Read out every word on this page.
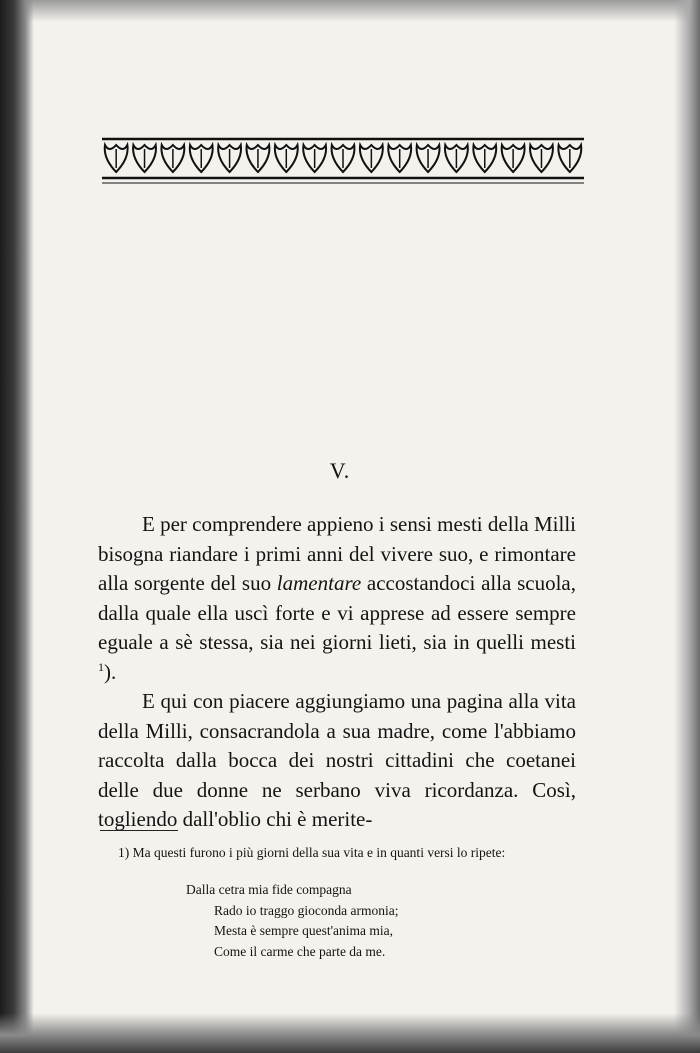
V.

E per comprendere appieno i sensi mesti della Milli bisogna riandare i primi anni del vivere suo, e rimontare alla sorgente del suo lamentare accostandoci alla scuola, dalla quale ella uscì forte e vi apprese ad essere sempre eguale a sè stessa, sia nei giorni lieti, sia in quelli mesti $^1$).

E qui con piacere aggiungiamo una pagina alla vita della Milli, consacrandola a sua madre, come l'abbiamo raccolta dalla bocca dei nostri cittadini che coetanei delle due donne ne serbano viva ricordanza. Così, togliendo dall'oblio chi è merite-

1) Ma questi furono i più giorni della sua vita e in quanti versi lo ripete:

Dalla cetra mia fide compagna
Rado io traggo gioconda armonia;
Mesta è sempre quest'anima mia,
Come il carme che parte da me.
